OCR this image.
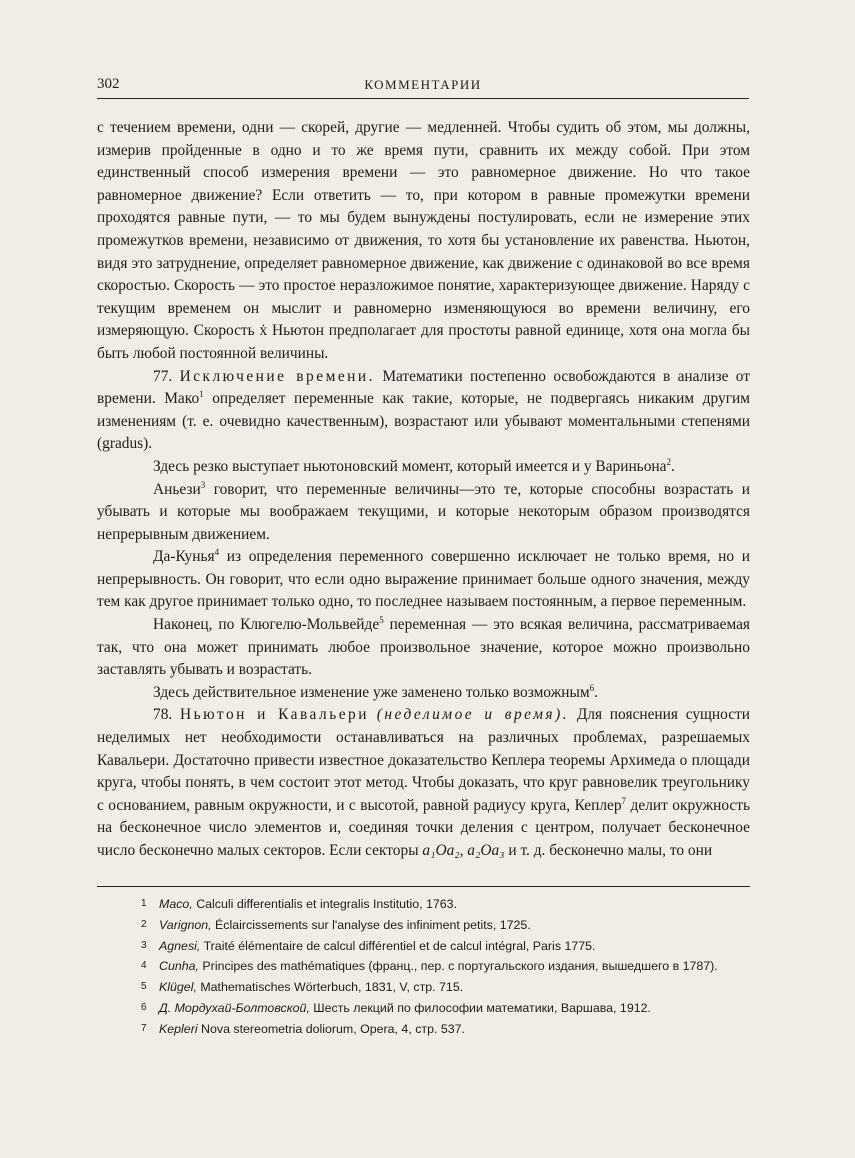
302	КОММЕНТАРИИ

с течением времени, одни — скорей, другие — медленней. Чтобы судить об этом, мы должны, измерив пройденные в одно и то же время пути, сравнить их между собой. При этом единственный способ измерения времени — это равномерное движение. Но что такое равномерное движение? Если ответить — то, при котором в равные промежутки времени проходятся равные пути, — то мы будем вынуждены постулировать, если не измерение этих промежутков времени, независимо от движения, то хотя бы установление их равенства. Ньютон, видя это затруднение, определяет равномерное движение, как движение с одинаковой во все время скоростью. Скорость — это простое неразложимое понятие, характеризующее движение. Наряду с текущим временем он мыслит и равномерно изменяющуюся во времени величину, его измеряющую. Скорость ẋ Ньютон предполагает для простоты равной единице, хотя она могла бы быть любой постоянной величины.

77. Исключение времени. Математики постепенно освобождаются в анализе от времени. Мако$^1$ определяет переменные как такие, которые, не подвергаясь никаким другим изменениям (т. е. очевидно качественным), возрастают или убывают моментальными степенями (gradus).

Здесь резко выступает ньютоновский момент, который имеется и у Вариньона$^2$.

Аньези$^3$ говорит, что переменные величины—это те, которые способны возрастать и убывать и которые мы воображаем текущими, и которые некоторым образом производятся непрерывным движением.

Да-Кунья$^4$ из определения переменного совершенно исключает не только время, но и непрерывность. Он говорит, что если одно выражение принимает больше одного значения, между тем как другое принимает только одно, то последнее называем постоянным, а первое переменным.

Наконец, по Клюгелю-Мольвейде$^5$ переменная — это всякая величина, рассматриваемая так, что она может принимать любое произвольное значение, которое можно произвольно заставлять убывать и возрастать.

Здесь действительное изменение уже заменено только возможным$^6$.

78. Ньютон и Кавальери (неделимое и время). Для пояснения сущности неделимых нет необходимости останавливаться на различных проблемах, разрешаемых Кавальери. Достаточно привести известное доказательство Кеплера теоремы Архимеда о площади круга, чтобы понять, в чем состоит этот метод. Чтобы доказать, что круг равновелик треугольнику с основанием, равным окружности, и с высотой, равной радиусу круга, Кеплер$^7$ делит окружность на бесконечное число элементов и, соединяя точки деления с центром, получает бесконечное число бесконечно малых секторов. Если секторы a₁Oa₂, a₂Oa₃ и т. д. бесконечно малы, то они

1	Maco, Calculi differentialis et integralis Institutio, 1763.
2	Varignon, Éclaircissements sur l'analyse des infiniment petits, 1725.
3	Agnesi, Traité élémentaire de calcul différentiel et de calcul intégral, Paris 1775.
4	Cunha, Principes des mathématiques (франц., пер. с португальского издания, вышедшего в 1787).
5	Klügel, Mathematisches Wörterbuch, 1831, V, стр. 715.
6	Д. Мордухай-Болтовской, Шесть лекций по философии математики, Варшава, 1912.
7	Kepleri Nova stereometria doliorum, Opera, 4, стр. 537.
